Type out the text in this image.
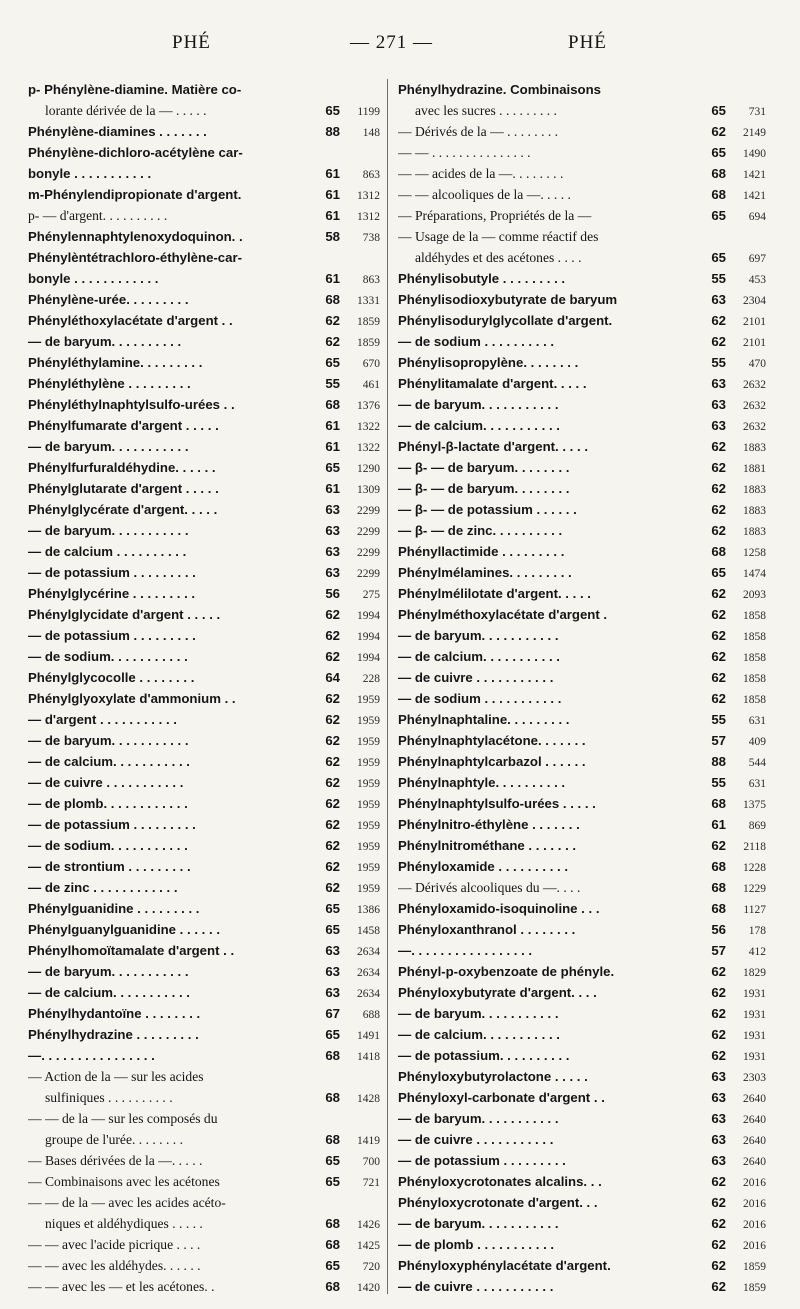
PHÉ	— 271 —	PHÉ
p- Phénylène-diamine. Matière co-
lorante dérivée de la — . . . . .	65	1199
Phénylène-diamines . . . . . . .	88	148
Phénylène-dichloro-acétylène car-
bonyle . . . . . . . . . . .	61	863
m-Phénylendipropionate d'argent.	61	1312
p- — d'argent. . . . . . . . . .	61	1312
Phénylennaphtylenoxydoquinon. .	58	738
Phénylèntétrachloro-éthylène-car-
bonyle . . . . . . . . . . . .	61	863
Phénylène-urée. . . . . . . . .	68	1331
Phényléthoxylacétate d'argent . .	62	1859
— de baryum. . . . . . . . . .	62	1859
Phényléthylamine. . . . . . . . .	65	670
Phényléthylène . . . . . . . . .	55	461
Phényléthylnaphtylsulfo-urées . .	68	1376
Phénylfumarate d'argent . . . . .	61	1322
— de baryum. . . . . . . . . . .	61	1322
Phénylfurfuraldéhydine. . . . . .	65	1290
Phénylglutarate d'argent . . . . .	61	1309
Phénylglycérate d'argent. . . . .	63	2299
— de baryum. . . . . . . . . . .	63	2299
— de calcium . . . . . . . . . .	63	2299
— de potassium . . . . . . . . .	63	2299
Phénylglycérine . . . . . . . . .	56	275
Phénylglycidate d'argent . . . . .	62	1994
— de potassium . . . . . . . . .	62	1994
— de sodium. . . . . . . . . . .	62	1994
Phénylglycocolle . . . . . . . .	64	228
Phénylglyoxylate d'ammonium . .	62	1959
— d'argent . . . . . . . . . . .	62	1959
— de baryum. . . . . . . . . . .	62	1959
— de calcium. . . . . . . . . . .	62	1959
— de cuivre . . . . . . . . . . .	62	1959
— de plomb. . . . . . . . . . . .	62	1959
— de potassium . . . . . . . . .	62	1959
— de sodium. . . . . . . . . . .	62	1959
— de strontium . . . . . . . . .	62	1959
— de zinc . . . . . . . . . . . .	62	1959
Phénylguanidine . . . . . . . . .	65	1386
Phénylguanylguanidine . . . . . .	65	1458
Phénylhomoïtamalate d'argent . .	63	2634
— de baryum. . . . . . . . . . .	63	2634
— de calcium. . . . . . . . . . .	63	2634
Phénylhydantoïne . . . . . . . .	67	688
Phénylhydrazine . . . . . . . . .	65	1491
—. . . . . . . . . . . . . . . .	68	1418
— Action de la — sur les acides
sulfiniques . . . . . . . . . .	68	1428
— — de la — sur les composés du
groupe de l'urée. . . . . . . .	68	1419
— Bases dérivées de la —. . . . .	65	700
— Combinaisons avec les acétones	65	721
— — de la — avec les acides acéto-
niques et aldéhydiques . . . . .	68	1426
— — avec l'acide picrique . . . .	68	1425
— — avec les aldéhydes. . . . . .	65	720
— — avec les — et les acétones. .	68	1420
Phénylhydrazine. Combinaisons
avec les sucres . . . . . . . . .	65	731
— Dérivés de la — . . . . . . . .	62	2149
— — . . . . . . . . . . . . . . .	65	1490
— — acides de la —. . . . . . . .	68	1421
— — alcooliques de la —. . . . .	68	1421
— Préparations, Propriétés de la —	65	694
— Usage de la — comme réactif des
aldéhydes et des acétones . . . .	65	697
Phénylisobutyle . . . . . . . . .	55	453
Phénylisodioxybutyrate de baryum	63	2304
Phénylisodurylglycollate d'argent.	62	2101
— de sodium . . . . . . . . . .	62	2101
Phénylisopropylène. . . . . . . .	55	470
Phénylitamalate d'argent. . . . .	63	2632
— de baryum. . . . . . . . . . .	63	2632
— de calcium. . . . . . . . . . .	63	2632
Phényl-β-lactate d'argent. . . . .	62	1883
— β- — de baryum. . . . . . . .	62	1881
— β- — de baryum. . . . . . . .	62	1883
— β- — de potassium . . . . . .	62	1883
— β- — de zinc. . . . . . . . . .	62	1883
Phényllactimide . . . . . . . . .	68	1258
Phénylmélamines. . . . . . . . .	65	1474
Phénylmélilotate d'argent. . . . .	62	2093
Phénylméthoxylacétate d'argent .	62	1858
— de baryum. . . . . . . . . . .	62	1858
— de calcium. . . . . . . . . . .	62	1858
— de cuivre . . . . . . . . . . .	62	1858
— de sodium . . . . . . . . . . .	62	1858
Phénylnaphtaline. . . . . . . . .	55	631
Phénylnaphtylacétone. . . . . . .	57	409
Phénylnaphtylcarbazol . . . . . .	88	544
Phénylnaphtyle. . . . . . . . . .	55	631
Phénylnaphtylsulfo-urées . . . . .	68	1375
Phénylnitro-éthylène . . . . . . .	61	869
Phénylnitrométhane . . . . . . .	62	2118
Phényloxamide . . . . . . . . . .	68	1228
— Dérivés alcooliques du —. . . .	68	1229
Phényloxamido-isoquinoline . . .	68	1127
Phényloxanthranol . . . . . . . .	56	178
—. . . . . . . . . . . . . . . . .	57	412
Phényl-p-oxybenzoate de phényle.	62	1829
Phényloxybutyrate d'argent. . . .	62	1931
— de baryum. . . . . . . . . . .	62	1931
— de calcium. . . . . . . . . . .	62	1931
— de potassium. . . . . . . . . .	62	1931
Phényloxybutyrolactone . . . . .	63	2303
Phényloxyl-carbonate d'argent . .	63	2640
— de baryum. . . . . . . . . . .	63	2640
— de cuivre . . . . . . . . . . .	63	2640
— de potassium . . . . . . . . .	63	2640
Phényloxycrotonates alcalins. . .	62	2016
Phényloxycrotonate d'argent. . .	62	2016
— de baryum. . . . . . . . . . .	62	2016
— de plomb . . . . . . . . . . .	62	2016
Phényloxyphénylacétate d'argent.	62	1859
— de cuivre . . . . . . . . . . .	62	1859
